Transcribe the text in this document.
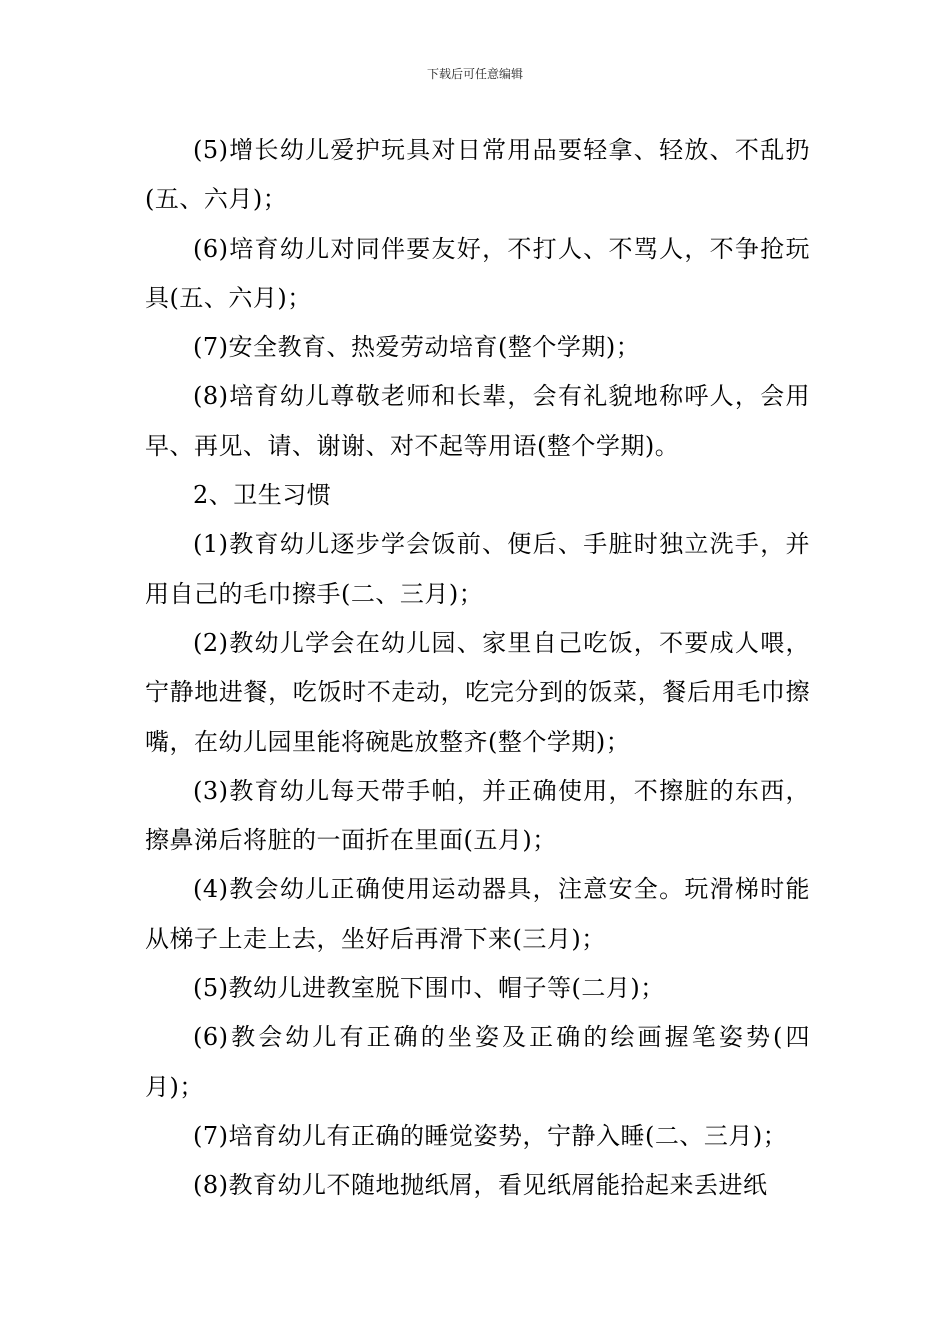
下载后可任意编辑

(5)增长幼儿爱护玩具对日常用品要轻拿、轻放、不乱扔(五、六月)；

(6)培育幼儿对同伴要友好，不打人、不骂人，不争抢玩具(五、六月)；

(7)安全教育、热爱劳动培育(整个学期)；

(8)培育幼儿尊敬老师和长辈，会有礼貌地称呼人，会用早、再见、请、谢谢、对不起等用语(整个学期)。

2、卫生习惯

(1)教育幼儿逐步学会饭前、便后、手脏时独立洗手，并用自己的毛巾擦手(二、三月)；

(2)教幼儿学会在幼儿园、家里自己吃饭，不要成人喂，宁静地进餐，吃饭时不走动，吃完分到的饭菜，餐后用毛巾擦嘴，在幼儿园里能将碗匙放整齐(整个学期)；

(3)教育幼儿每天带手帕，并正确使用，不擦脏的东西，擦鼻涕后将脏的一面折在里面(五月)；

(4)教会幼儿正确使用运动器具，注意安全。玩滑梯时能从梯子上走上去，坐好后再滑下来(三月)；

(5)教幼儿进教室脱下围巾、帽子等(二月)；

(6)教会幼儿有正确的坐姿及正确的绘画握笔姿势(四月)；

(7)培育幼儿有正确的睡觉姿势，宁静入睡(二、三月)；

(8)教育幼儿不随地抛纸屑，看见纸屑能拾起来丢进纸
